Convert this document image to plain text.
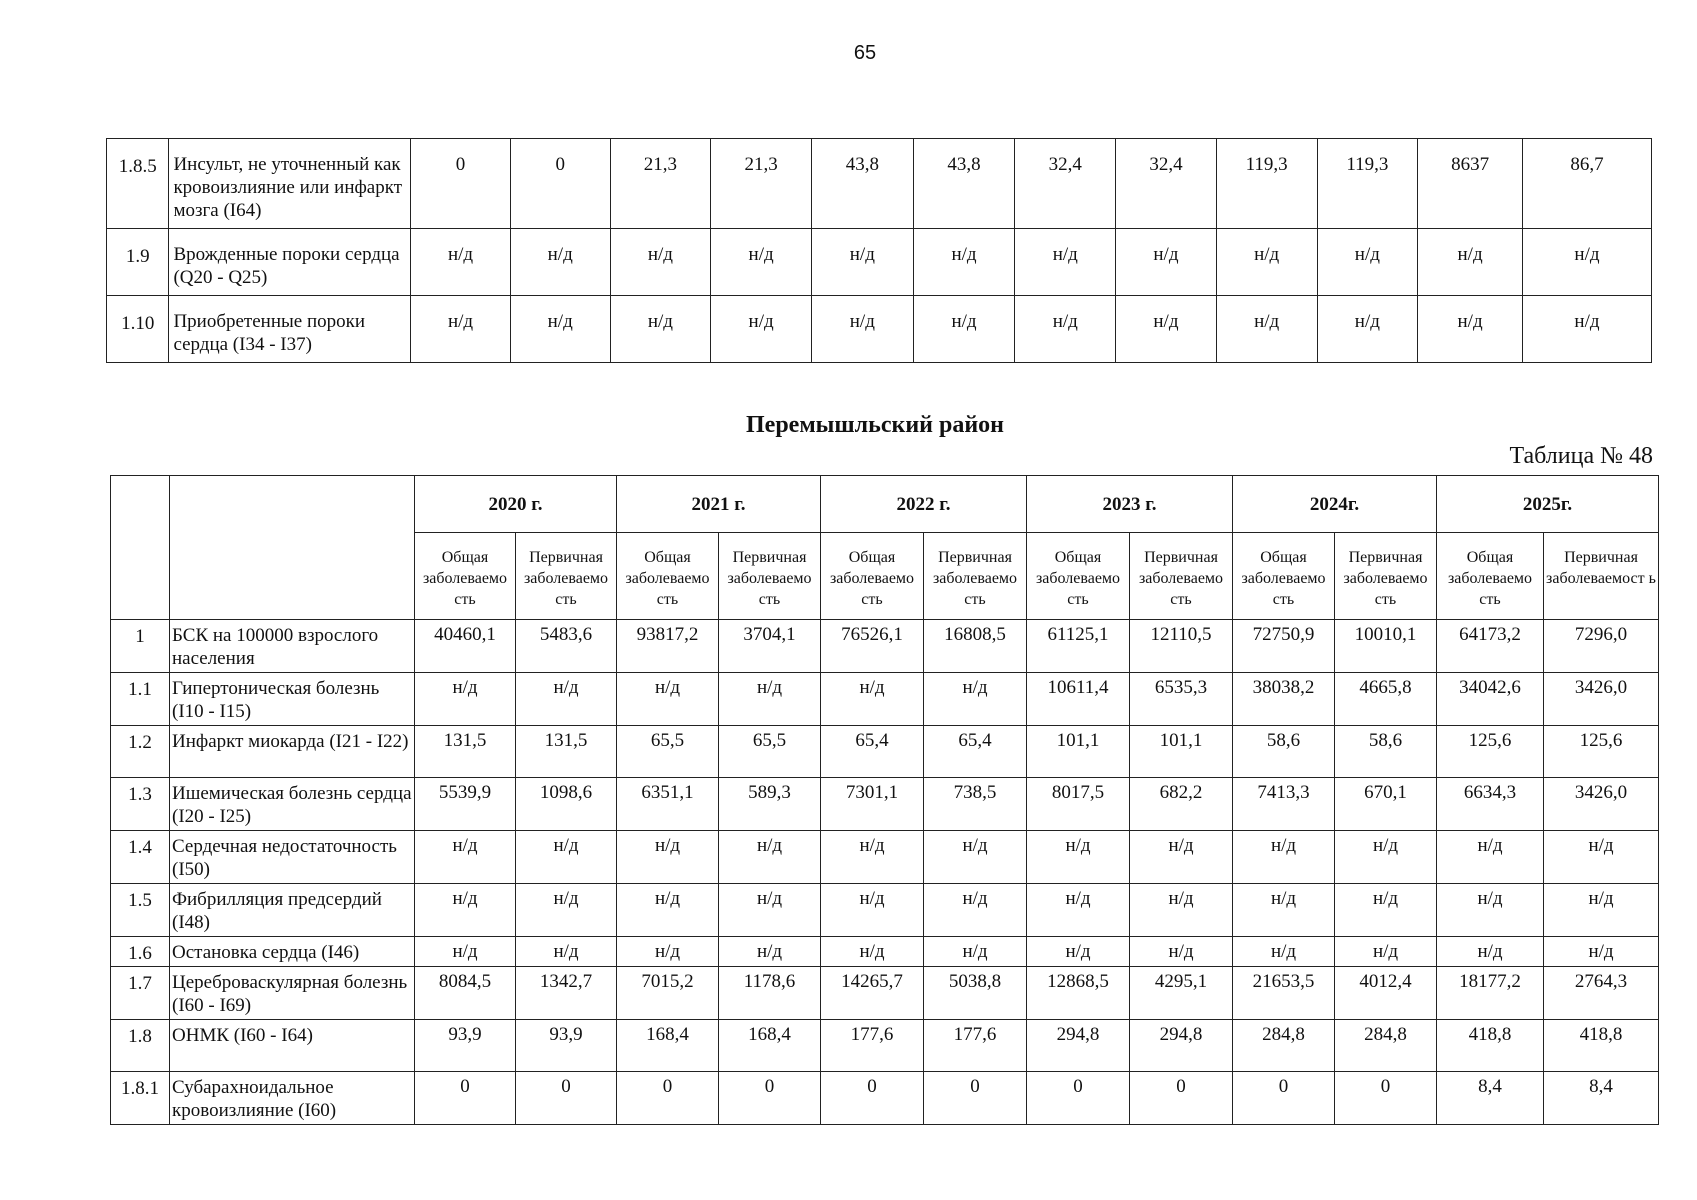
65
1.8.5	Инсульт, не уточненный как кровоизлияние или инфаркт мозга (I64)	0	0	21,3	21,3	43,8	43,8	32,4	32,4	119,3	119,3	8637	86,7
1.9	Врожденные пороки сердца (Q20 - Q25)	н/д	н/д	н/д	н/д	н/д	н/д	н/д	н/д	н/д	н/д	н/д	н/д
1.10	Приобретенные пороки сердца (I34 - I37)	н/д	н/д	н/д	н/д	н/д	н/д	н/д	н/д	н/д	н/д	н/д	н/д
Перемышльский район
Таблица № 48
		2020 г.		2021 г.		2022 г.		2023 г.		2024г.		2025г.	
		Общая заболеваемо сть	Первичная заболеваемо сть	Общая заболеваемо сть	Первичная заболеваемо сть	Общая заболеваемо сть	Первичная заболеваемо сть	Общая заболеваемо сть	Первичная заболеваемо сть	Общая заболеваемо сть	Первичная заболеваемо сть	Общая заболеваемо сть	Первичная заболеваемост ь
1	БСК на 100000 взрослого населения	40460,1	5483,6	93817,2	3704,1	76526,1	16808,5	61125,1	12110,5	72750,9	10010,1	64173,2	7296,0
1.1	Гипертоническая болезнь (I10 - I15)	н/д	н/д	н/д	н/д	н/д	н/д	10611,4	6535,3	38038,2	4665,8	34042,6	3426,0
1.2	Инфаркт миокарда (I21 - I22)	131,5	131,5	65,5	65,5	65,4	65,4	101,1	101,1	58,6	58,6	125,6	125,6
1.3	Ишемическая болезнь сердца (I20 - I25)	5539,9	1098,6	6351,1	589,3	7301,1	738,5	8017,5	682,2	7413,3	670,1	6634,3	3426,0
1.4	Сердечная недостаточность (I50)	н/д	н/д	н/д	н/д	н/д	н/д	н/д	н/д	н/д	н/д	н/д	н/д
1.5	Фибрилляция предсердий (I48)	н/д	н/д	н/д	н/д	н/д	н/д	н/д	н/д	н/д	н/д	н/д	н/д
1.6	Остановка сердца (I46)	н/д	н/д	н/д	н/д	н/д	н/д	н/д	н/д	н/д	н/д	н/д	н/д
1.7	Цереброваскулярная болезнь (I60 - I69)	8084,5	1342,7	7015,2	1178,6	14265,7	5038,8	12868,5	4295,1	21653,5	4012,4	18177,2	2764,3
1.8	ОНМК (I60 - I64)	93,9	93,9	168,4	168,4	177,6	177,6	294,8	294,8	284,8	284,8	418,8	418,8
1.8.1	Субарахноидальное кровоизлияние (I60)	0	0	0	0	0	0	0	0	0	0	8,4	8,4
